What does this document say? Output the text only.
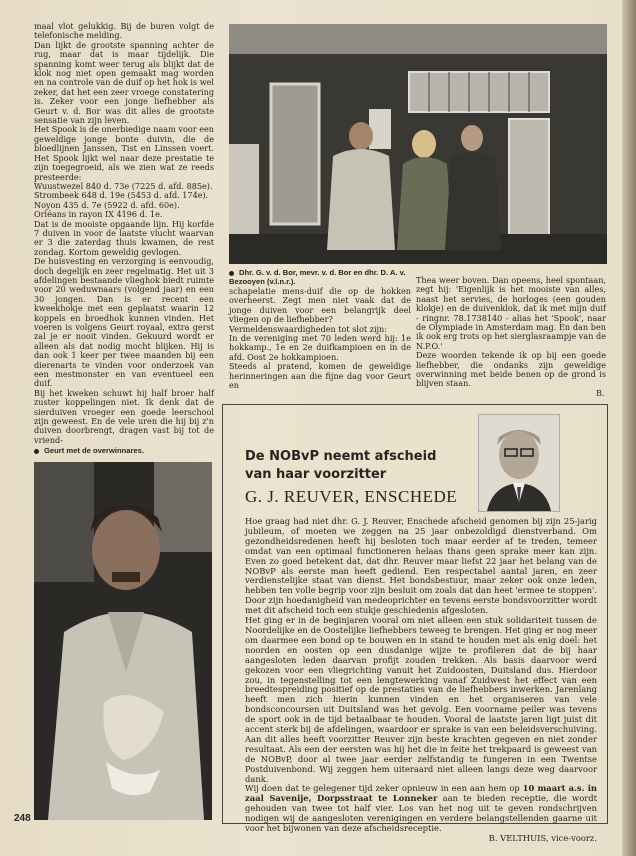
maal vlot gelukkig. Bij de buren volgt de telefonische melding.

Dan lijkt de grootste spanning achter de rug, maar dat is maar tijdelijk. Die spanning komt weer terug als blijkt dat de klok nog niet open gemaakt mag worden en na controle van de duif op het hok is wel zeker, dat het een zeer vroege constatering is. Zeker voor een jonge liefhebber als Geurt v. d. Bor was dit alles de grootste sensatie van zijn leven.

Het Spook is de onerbiedige naam voor een geweldige jonge bonte duivin, die de bloedlijnen Janssen, Tist en Linssen voert. Het Spook lijkt wel naar deze prestatie te zijn toegegroeid, als we zien wat ze reeds presteerde:

Wuustwezel 840 d. 73e (7225 d. afd. 885e).

Strombeek 648 d. 19e (5453 d. afd. 174e).

Noyon 435 d. 7e (5922 d. afd. 60e).

Orléans in rayon IX 4196 d. 1e.

Dat is de mooiste opgaande lijn. Hij korfde 7 duiven in voor de laatste vlucht waarvan er 3 die zaterdag thuis kwamen, de rest zondag. Kortom geweldig gevlogen.

De huisvesting en verzorging is eenvoudig, doch degelijk en zeer regelmatig. Het uit 3 afdelingen bestaande vlieghok biedt ruimte voor 20 weduwnaars (volgend jaar) en een 30 jongen. Dan is er recent een kweekhokje met een geplaatst waarin 12 koppels en broedhok kunnen vinden. Het voeren is volgens Geurt royaal, extra gerst zal je er nooit vinden. Gekuurd wordt er alleen als dat nodig mocht blijken. Hij is dan ook 1 keer per twee maanden bij een dierenarts te vinden voor onderzoek van een mestmonster en van eventueel een duif.

Bij het kweken schuwt hij half broer half zuster koppelingen niet. Ik denk dat de sierduiven vroeger een goede leerschool zijn geweest. En de vele uren die hij bij z'n duiven doorbrengt, dragen vast bij tot de vriend-

Geurt met de overwinnares.
Dhr. G. v. d. Bor, mevr. v. d. Bor en dhr. D. A. v. Bezooyen (v.l.n.r.).

schapelatie mens-duif die op de hokken overheerst. Zegt men niet vaak dat de jonge duiven voor een belangrijk deel vliegen op de liefhebber?

Vermeldenswaardigheden tot slot zijn:

In de vereniging met 70 leden werd hij: 1e hokkamp., 1e en 2e duifkampioen en in de afd. Oost 2e hokkampioen.

Steeds al pratend, komen de geweldige herinneringen aan die fijne dag voor Geurt en

Thea weer boven. Dan opeens, heel spontaan, zegt hij: 'Eigenlijk is het mooiste van alles, naast het servies, de horloges (een gouden klokje) en de duivenklok, dat ik met mijn duif - ringnr. 78.1738140 - alias het 'Spook', naar de Olympiade in Amsterdam mag. En dan ben ik ook erg trots op het sierglasraampje van de N.P.O.'

Deze woorden tekende ik op bij een goede liefhebber, die ondanks zijn geweldige overwinning met beide benen op de grond is blijven staan.

B.
De NOBvP neemt afscheid
van haar voorzitter
G. J. REUVER, ENSCHEDE

Hoe graag had niet dhr. G. J. Reuver, Enschede afscheid genomen bij zijn 25-jarig jubileum, of moeten we zeggen na 25 jaar onbezoldigd dienstverband. Om gezondheidsredenen heeft hij besloten toch maar eerder af te treden, temeer omdat van een optimaal functioneren helaas thans geen sprake meer kan zijn. Even zo goed betekent dat, dat dhr. Reuver maar liefst 22 jaar het belang van de NOBvP als eerste man heeft gediend. Een respectabel aantal jaren, en zeer verdienstelijke staat van dienst. Het bondsbestuur, maar zeker ook onze leden, hebben ten volle begrip voor zijn besluit om zoals dat dan heet 'ermee te stoppen'. Door zijn hoedanigheid van medeoprichter en tevens eerste bondsvoorzitter wordt met dit afscheid toch een stukje geschiedenis afgesloten.

Het ging er in de beginjaren vooral om niet alleen een stuk solidariteit tussen de Noordelijke en de Oostelijke liefhebbers teweeg te brengen. Het ging er nog meer om daarmee een bond op te bouwen en in stand te houden met als enig doel: het noorden en oosten op een dusdanige wijze te profileren dat de bij haar aangesloten leden daarvan profijt zouden trekken. Als basis daarvoor werd gekozen voor een vliegrichting vanuit het Zuidoosten, Duitsland dus. Hierdoor zou, in tegenstelling tot een lengtewerking vanaf Zuidwest het effect van een breedtespreiding positief op de prestaties van de liefhebbers inwerken. Jarenlang heeft men zich hierin kunnen vinden en het organiseren van vele bondsconcoursen uit Duitsland was het gevolg. Een voorname peiler was tevens de sport ook in de tijd betaalbaar te houden. Vooral de laatste jaren ligt juist dit accent sterk bij de afdelingen, waardoor er sprake is van een beleidsverschuiving. Aan dit alles heeft voorzitter Reuver zijn beste krachten gegeven en niet zonder resultaat. Als een der eersten was hij het die in feite het trekpaard is geweest van de NOBvP, door al twee jaar eerder zelfstandig te fungeren in een Twentse Postduivenbond. Wij zeggen hem uiteraard niet alleen langs deze weg daarvoor dank.

Wij doen dat te gelegener tijd zeker opnieuw in een aan hem op 10 maart a.s. in zaal Savenije, Dorpsstraat te Lonneker aan te bieden receptie, die wordt gehouden van twee tot half vier. Los van het nog uit te geven rondschrijven nodigen wij de aangesloten verenigingen en verdere belangstellenden gaarne uit voor het bijwonen van deze afscheidsreceptie.

B. VELTHUIS, vice-voorz.

248
